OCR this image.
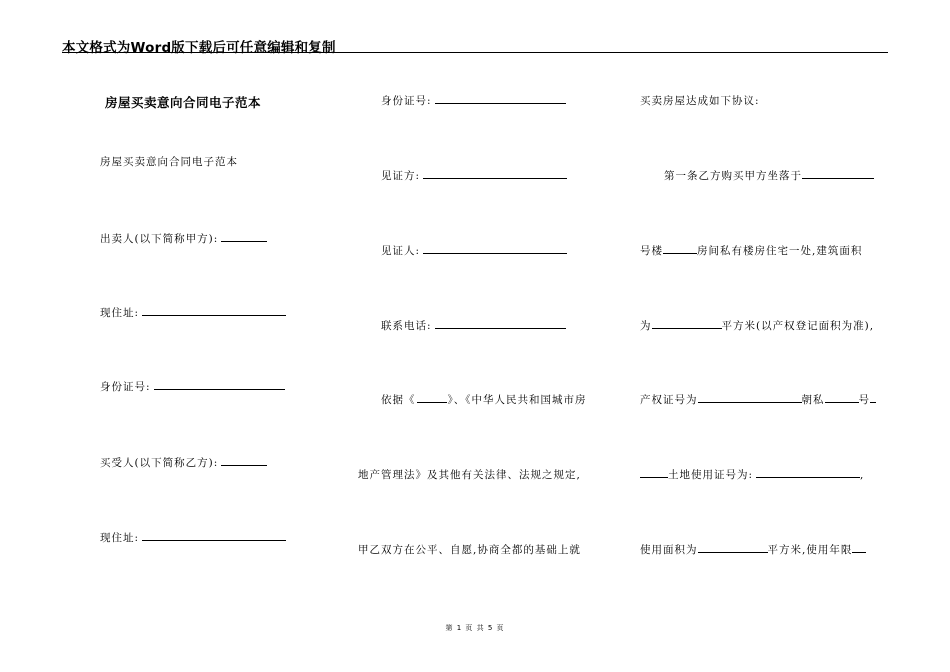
本文格式为Word版下载后可任意编辑和复制
房屋买卖意向合同电子范本
房屋买卖意向合同电子范本
出卖人(以下简称甲方):
现住址:
身份证号:
买受人(以下简称乙方):
现住址:
身份证号:
见证方:
见证人:
联系电话:
依据《	》、《中华人民共和国城市房
地产管理法》及其他有关法律、法规之规定,
甲乙双方在公平、自愿,协商全都的基础上就
买卖房屋达成如下协议:
第一条乙方购买甲方坐落于
号楼	房间私有楼房住宅一处,建筑面积
为	平方米(以产权登记面积为准),
产权证号为	朝私	号
土地使用证号为:	,
使用面积为	平方米,使用年限
第 1 页 共 5 页
